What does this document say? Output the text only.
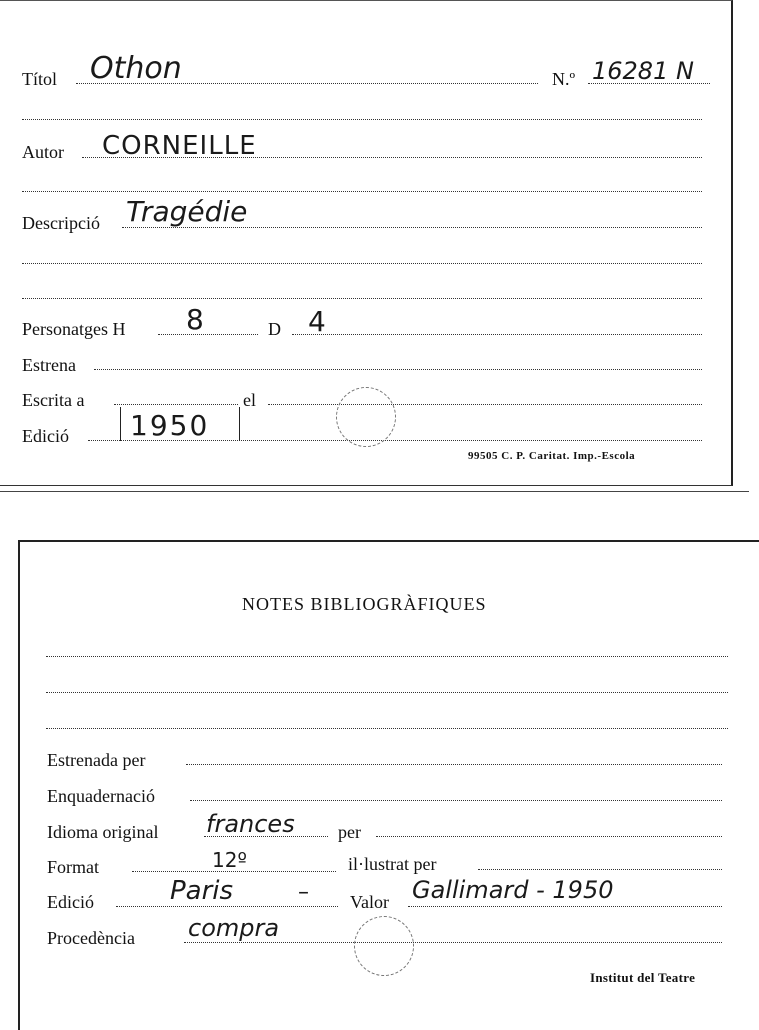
Títol Othon	N.º 16281 N
Autor CORNEILLE
Descripció Tragédie
Personatges H 8	D 4
Estrena
Escrita a	el
Edició 1950
99505 C. P. Caritat. Imp.-Escola
NOTES BIBLIOGRÀFIQUES
Estrenada per
Enquadernació
Idioma original frances per
Format	12º	il·lustrat per
Edició	Paris	– Valor Gallimard - 1950
Procedència compra
Institut del Teatre
